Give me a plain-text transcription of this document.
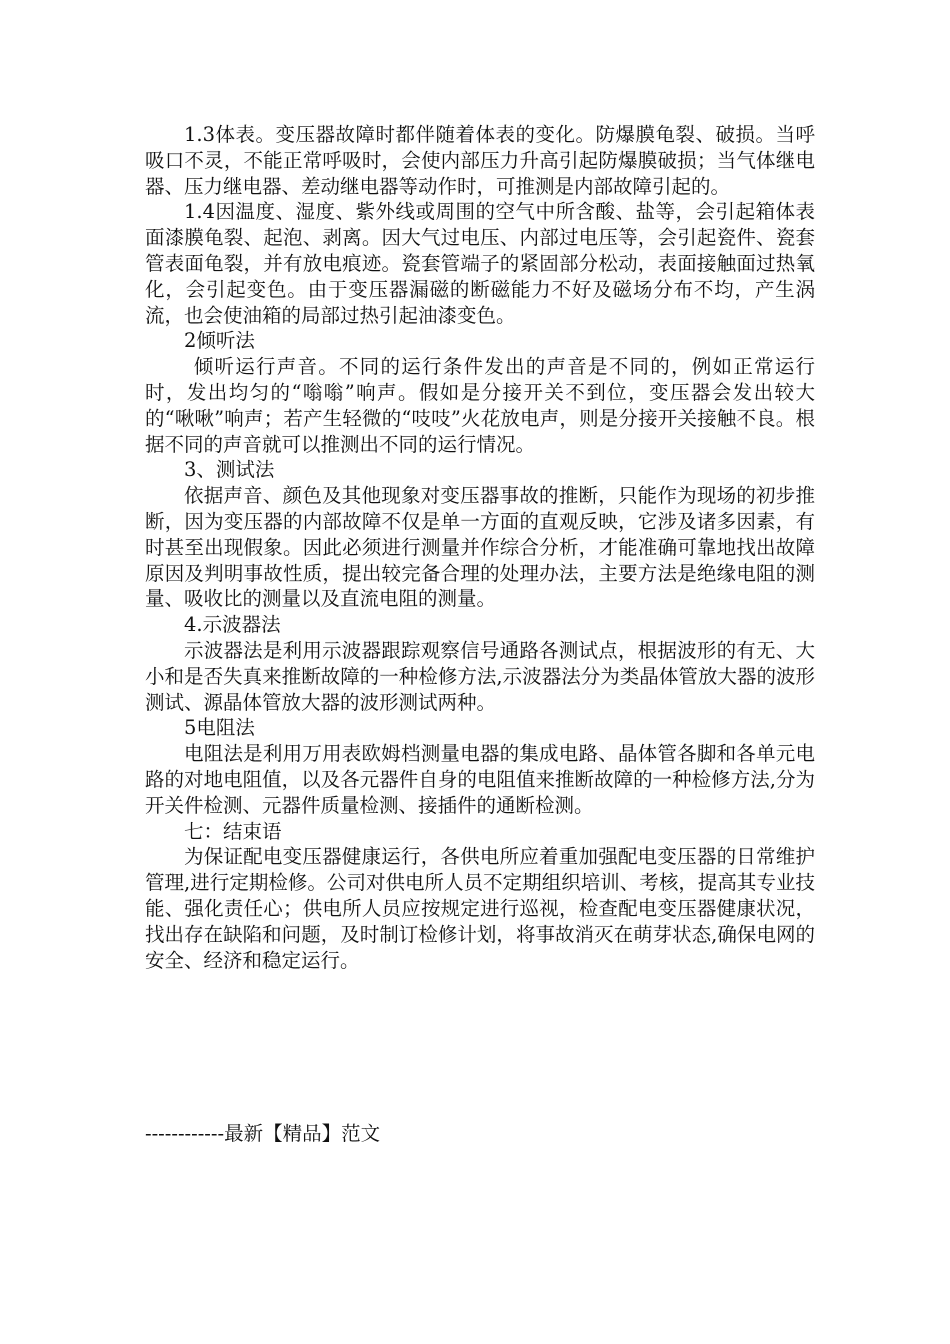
1.3体表。变压器故障时都伴随着体表的变化。防爆膜龟裂、破损。当呼吸口不灵，不能正常呼吸时，会使内部压力升高引起防爆膜破损；当气体继电器、压力继电器、差动继电器等动作时，可推测是内部故障引起的。

1.4因温度、湿度、紫外线或周围的空气中所含酸、盐等，会引起箱体表面漆膜龟裂、起泡、剥离。因大气过电压、内部过电压等，会引起瓷件、瓷套管表面龟裂，并有放电痕迹。瓷套管端子的紧固部分松动，表面接触面过热氧化，会引起变色。由于变压器漏磁的断磁能力不好及磁场分布不均，产生涡流，也会使油箱的局部过热引起油漆变色。

2倾听法

倾听运行声音。不同的运行条件发出的声音是不同的，例如正常运行时，发出均匀的“嗡嗡”响声。假如是分接开关不到位，变压器会发出较大的“啾啾”响声；若产生轻微的“吱吱”火花放电声，则是分接开关接触不良。根据不同的声音就可以推测出不同的运行情况。

3、测试法

依据声音、颜色及其他现象对变压器事故的推断，只能作为现场的初步推断，因为变压器的内部故障不仅是单一方面的直观反映，它涉及诸多因素，有时甚至出现假象。因此必须进行测量并作综合分析，才能准确可靠地找出故障原因及判明事故性质，提出较完备合理的处理办法，主要方法是绝缘电阻的测量、吸收比的测量以及直流电阻的测量。

4.示波器法

示波器法是利用示波器跟踪观察信号通路各测试点，根据波形的有无、大小和是否失真来推断故障的一种检修方法,示波器法分为类晶体管放大器的波形测试、源晶体管放大器的波形测试两种。

5电阻法

电阻法是利用万用表欧姆档测量电器的集成电路、晶体管各脚和各单元电路的对地电阻值，以及各元器件自身的电阻值来推断故障的一种检修方法,分为开关件检测、元器件质量检测、接插件的通断检测。

七：结束语

为保证配电变压器健康运行，各供电所应着重加强配电变压器的日常维护管理,进行定期检修。公司对供电所人员不定期组织培训、考核，提高其专业技能、强化责任心；供电所人员应按规定进行巡视，检查配电变压器健康状况，找出存在缺陷和问题，及时制订检修计划，将事故消灭在萌芽状态,确保电网的安全、经济和稳定运行。

------------最新【精品】范文
